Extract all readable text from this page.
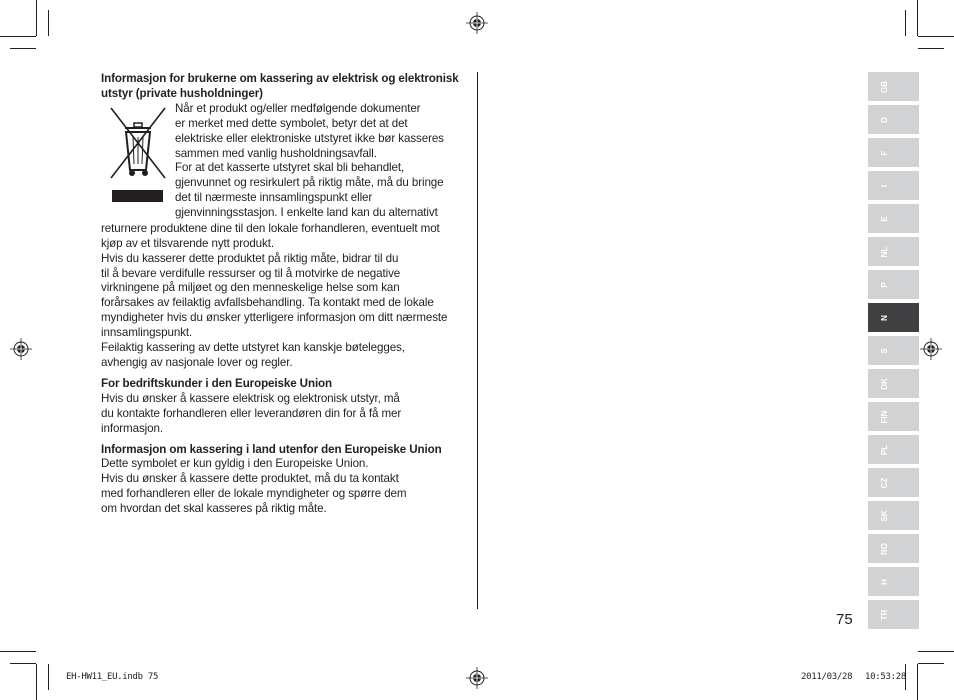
Informasjon for brukerne om kassering av elektrisk og elektronisk utstyr (private husholdninger)

Når et produkt og/eller medfølgende dokumenter

er merket med dette symbolet, betyr det at det

elektriske eller elektroniske utstyret ikke bør kasseres

sammen med vanlig husholdningsavfall.

For at det kasserte utstyret skal bli behandlet,

gjenvunnet og resirkulert på riktig måte, må du bringe

det til nærmeste innsamlingspunkt eller

gjenvinningsstasjon. I enkelte land kan du alternativt

returnere produktene dine til den lokale forhandleren, eventuelt mot

kjøp av et tilsvarende nytt produkt.

Hvis du kasserer dette produktet på riktig måte, bidrar til du

til å bevare verdifulle ressurser og til å motvirke de negative

virkningene på miljøet og den menneskelige helse som kan

forårsakes av feilaktig avfallsbehandling. Ta kontakt med de lokale

myndigheter hvis du ønsker ytterligere informasjon om ditt nærmeste

innsamlingspunkt.

Feilaktig kassering av dette utstyret kan kanskje bøtelegges,

avhengig av nasjonale lover og regler.

For bedriftskunder i den Europeiske Union

Hvis du ønsker å kassere elektrisk og elektronisk utstyr, må

du kontakte forhandleren eller leverandøren din for å få mer

informasjon.

Informasjon om kassering i land utenfor den Europeiske Union

Dette symbolet er kun gyldig i den Europeiske Union.

Hvis du ønsker å kassere dette produktet, må du ta kontakt

med forhandleren eller de lokale myndigheter og spørre dem

om hvordan det skal kasseres på riktig måte.

GB
D
F
I
E
NL
P
N
S
DK
FIN
PL
CZ
SK
RO
H
TR
75
EH-HW11_EU.indb 75	2011/03/28 10:53:28
